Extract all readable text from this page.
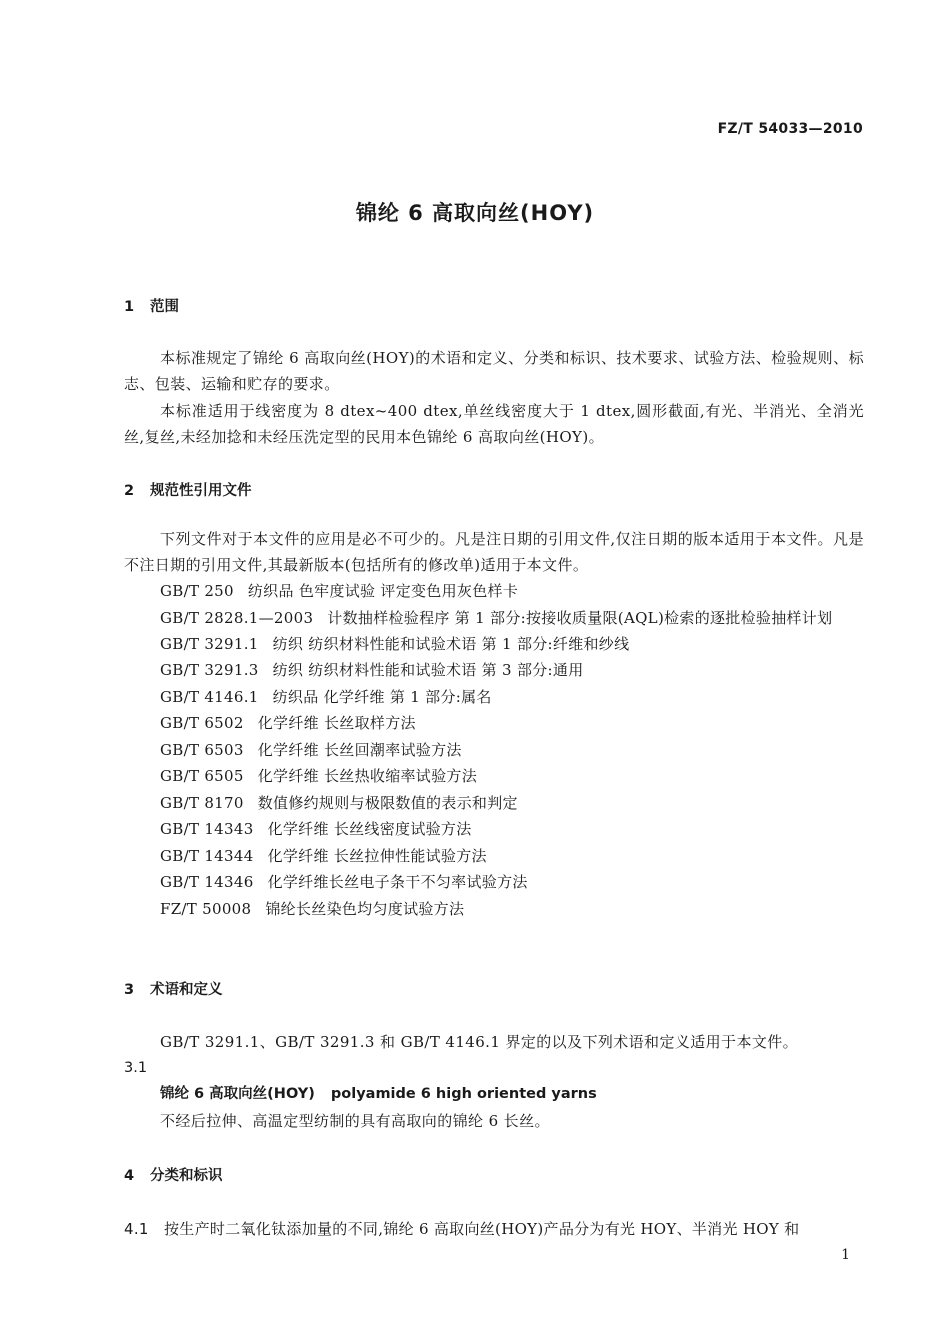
FZ/T 54033—2010
锦纶 6 高取向丝(HOY)
1 范围
本标准规定了锦纶 6 高取向丝(HOY)的术语和定义、分类和标识、技术要求、试验方法、检验规则、标志、包装、运输和贮存的要求。
本标准适用于线密度为 8 dtex~400 dtex,单丝线密度大于 1 dtex,圆形截面,有光、半消光、全消光丝,复丝,未经加捻和未经压洗定型的民用本色锦纶 6 高取向丝(HOY)。
2 规范性引用文件
下列文件对于本文件的应用是必不可少的。凡是注日期的引用文件,仅注日期的版本适用于本文件。凡是不注日期的引用文件,其最新版本(包括所有的修改单)适用于本文件。
GB/T 250 纺织品 色牢度试验 评定变色用灰色样卡
GB/T 2828.1—2003 计数抽样检验程序 第 1 部分:按接收质量限(AQL)检索的逐批检验抽样计划
GB/T 3291.1 纺织 纺织材料性能和试验术语 第 1 部分:纤维和纱线
GB/T 3291.3 纺织 纺织材料性能和试验术语 第 3 部分:通用
GB/T 4146.1 纺织品 化学纤维 第 1 部分:属名
GB/T 6502 化学纤维 长丝取样方法
GB/T 6503 化学纤维 长丝回潮率试验方法
GB/T 6505 化学纤维 长丝热收缩率试验方法
GB/T 8170 数值修约规则与极限数值的表示和判定
GB/T 14343 化学纤维 长丝线密度试验方法
GB/T 14344 化学纤维 长丝拉伸性能试验方法
GB/T 14346 化学纤维长丝电子条干不匀率试验方法
FZ/T 50008 锦纶长丝染色均匀度试验方法
3 术语和定义
GB/T 3291.1、GB/T 3291.3 和 GB/T 4146.1 界定的以及下列术语和定义适用于本文件。
3.1
锦纶 6 高取向丝(HOY) polyamide 6 high oriented yarns
不经后拉伸、高温定型纺制的具有高取向的锦纶 6 长丝。
4 分类和标识
4.1 按生产时二氧化钛添加量的不同,锦纶 6 高取向丝(HOY)产品分为有光 HOY、半消光 HOY 和
1
